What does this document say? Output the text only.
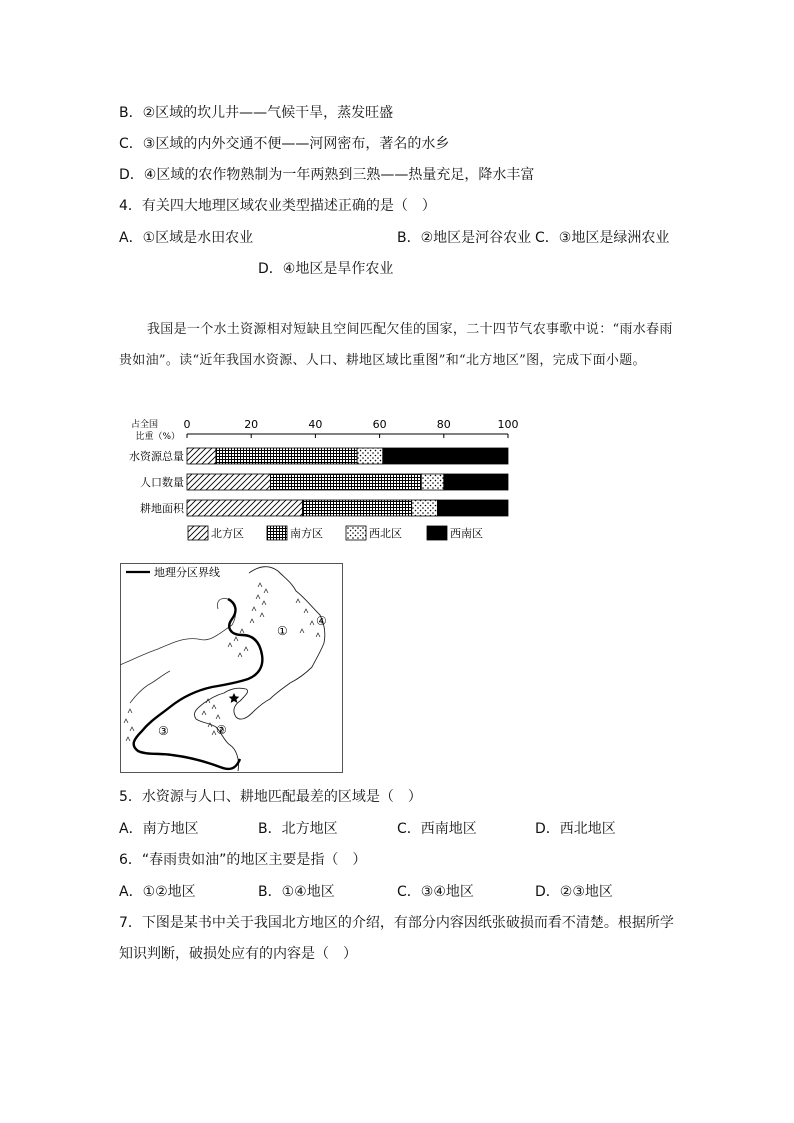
B．②区域的坎儿井——气候干旱，蒸发旺盛
C．③区域的内外交通不便——河网密布，著名的水乡
D．④区域的农作物熟制为一年两熟到三熟——热量充足，降水丰富
4．有关四大地理区域农业类型描述正确的是（　）
A．①区域是水田农业	B．②地区是河谷农业 C．③地区是绿洲农业
D．④地区是旱作农业
我国是一个水土资源相对短缺且空间匹配欠佳的国家，二十四节气农事歌中说：“雨水春雨贵如油”。读“近年我国水资源、人口、耕地区域比重图”和“北方地区”图，完成下面小题。
占全国
比重（%）
0	20	40	60	80	100
水资源总量
人口数量
耕地面积
北方区	南方区	西北区	西南区
地理分区界线
①
②
③
④
5．水资源与人口、耕地匹配最差的区域是（　）
A．南方地区	B．北方地区	C．西南地区	D．西北地区
6．“春雨贵如油”的地区主要是指（　）
A．①②地区	B．①④地区	C．③④地区	D．②③地区
7．下图是某书中关于我国北方地区的介绍，有部分内容因纸张破损而看不清楚。根据所学
知识判断，破损处应有的内容是（　）
